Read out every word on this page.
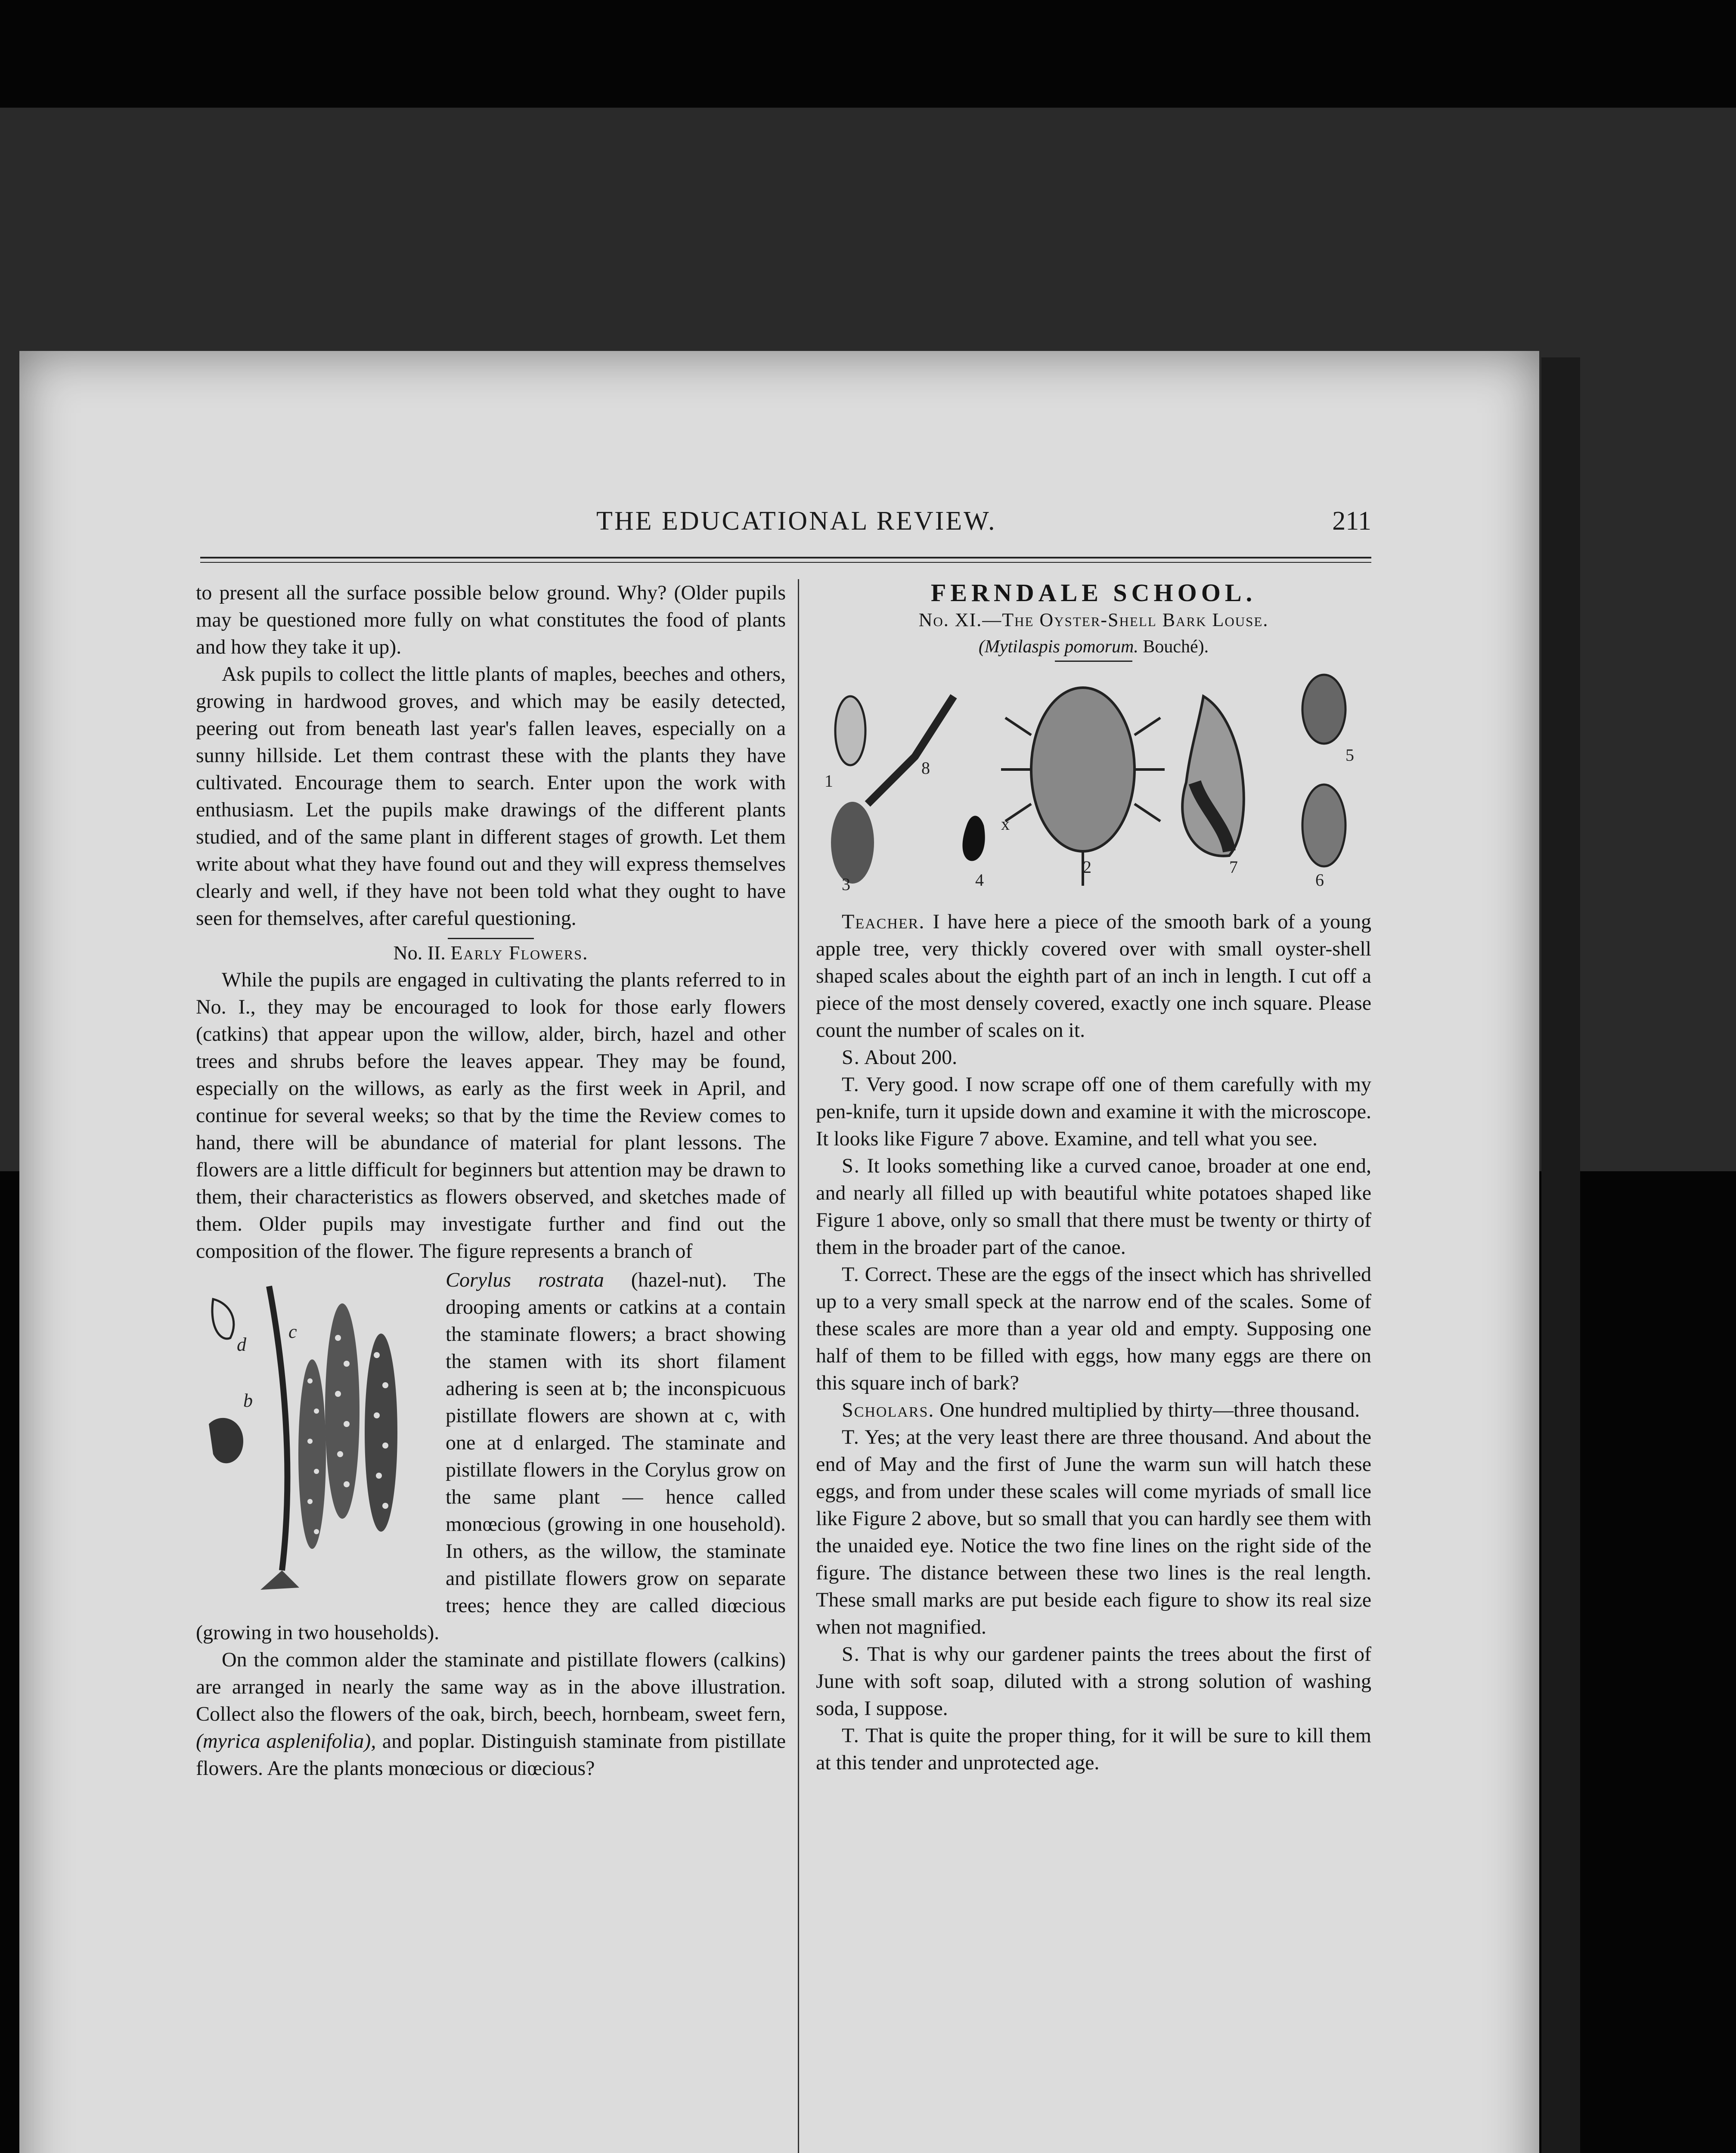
THE EDUCATIONAL REVIEW.	211

to present all the surface possible below ground. Why? (Older pupils may be questioned more fully on what constitutes the food of plants and how they take it up).

Ask pupils to collect the little plants of maples, beeches and others, growing in hardwood groves, and which may be easily detected, peering out from beneath last year's fallen leaves, especially on a sunny hillside. Let them contrast these with the plants they have cultivated. Encourage them to search. Enter upon the work with enthusiasm. Let the pupils make drawings of the different plants studied, and of the same plant in different stages of growth. Let them write about what they have found out and they will express themselves clearly and well, if they have not been told what they ought to have seen for themselves, after careful questioning.

No. II. Early Flowers.

While the pupils are engaged in cultivating the plants referred to in No. I., they may be encouraged to look for those early flowers (catkins) that appear upon the willow, alder, birch, hazel and other trees and shrubs before the leaves appear. They may be found, especially on the willows, as early as the first week in April, and continue for several weeks; so that by the time the Review comes to hand, there will be abundance of material for plant lessons. The flowers are a little difficult for beginners but attention may be drawn to them, their characteristics as flowers observed, and sketches made of them. Older pupils may investigate further and find out the composition of the flower. The figure represents a branch of

d
c
b

Corylus rostrata (hazel-nut). The drooping aments or catkins at a contain the staminate flowers; a bract showing the stamen with its short filament adhering is seen at b; the inconspicuous pistillate flowers are shown at c, with one at d enlarged. The staminate and pistillate flowers in the Corylus grow on the same plant — hence called monœcious (growing in one household). In others, as the willow, the staminate and pistillate flowers grow on separate trees; hence they are called diœcious (growing in two households).

On the common alder the staminate and pistillate flowers (calkins) are arranged in nearly the same way as in the above illustration. Collect also the flowers of the oak, birch, beech, hornbeam, sweet fern, (myrica asplenifolia), and poplar. Distinguish staminate from pistillate flowers. Are the plants monœcious or diœcious?

FERNDALE SCHOOL.

No. XI.—The Oyster-Shell Bark Louse.

(Mytilaspis pomorum. Bouché).

1
2
3	4
5
6
7
8
x

Teacher. I have here a piece of the smooth bark of a young apple tree, very thickly covered over with small oyster-shell shaped scales about the eighth part of an inch in length. I cut off a piece of the most densely covered, exactly one inch square. Please count the number of scales on it.

S. About 200.

T. Very good. I now scrape off one of them carefully with my pen-knife, turn it upside down and examine it with the microscope. It looks like Figure 7 above. Examine, and tell what you see.

S. It looks something like a curved canoe, broader at one end, and nearly all filled up with beautiful white potatoes shaped like Figure 1 above, only so small that there must be twenty or thirty of them in the broader part of the canoe.

T. Correct. These are the eggs of the insect which has shrivelled up to a very small speck at the narrow end of the scales. Some of these scales are more than a year old and empty. Supposing one half of them to be filled with eggs, how many eggs are there on this square inch of bark?

Scholars. One hundred multiplied by thirty—three thousand.

T. Yes; at the very least there are three thousand. And about the end of May and the first of June the warm sun will hatch these eggs, and from under these scales will come myriads of small lice like Figure 2 above, but so small that you can hardly see them with the unaided eye. Notice the two fine lines on the right side of the figure. The distance between these two lines is the real length. These small marks are put beside each figure to show its real size when not magnified.

S. That is why our gardener paints the trees about the first of June with soft soap, diluted with a strong solution of washing soda, I suppose.

T. That is quite the proper thing, for it will be sure to kill them at this tender and unprotected age.
